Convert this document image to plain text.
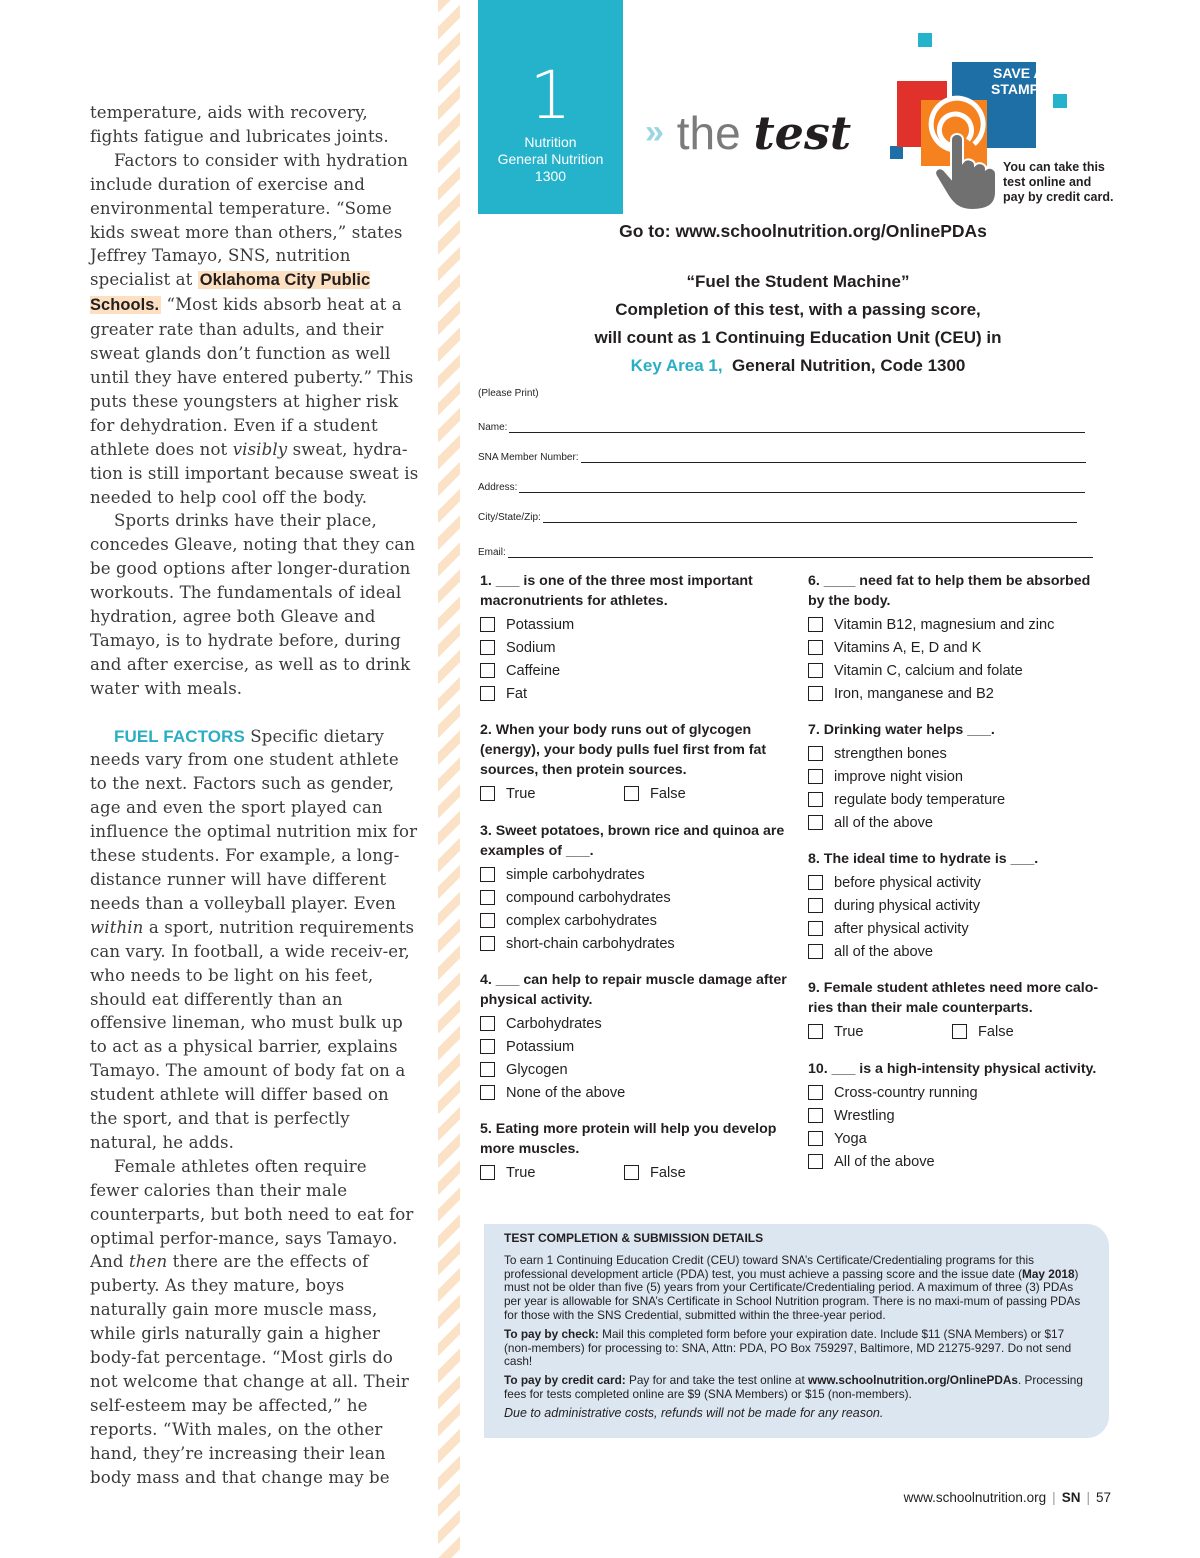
temperature, aids with recovery, fights fatigue and lubricates joints.

Factors to consider with hydration include duration of exercise and environmental temperature. “Some kids sweat more than others,” states Jeffrey Tamayo, SNS, nutrition specialist at Oklahoma City Public Schools. “Most kids absorb heat at a greater rate than adults, and their sweat glands don’t function as well until they have entered puberty.” This puts these youngsters at higher risk for dehydration. Even if a student athlete does not visibly sweat, hydra-tion is still important because sweat is needed to help cool off the body.

Sports drinks have their place, concedes Gleave, noting that they can be good options after longer-duration workouts. The fundamentals of ideal hydration, agree both Gleave and Tamayo, is to hydrate before, during and after exercise, as well as to drink water with meals.

FUEL FACTORS Specific dietary needs vary from one student athlete to the next. Factors such as gender, age and even the sport played can influence the optimal nutrition mix for these students. For example, a long-distance runner will have different needs than a volleyball player. Even within a sport, nutrition requirements can vary. In football, a wide receiv-er, who needs to be light on his feet, should eat differently than an offensive lineman, who must bulk up to act as a physical barrier, explains Tamayo. The amount of body fat on a student athlete will differ based on the sport, and that is perfectly natural, he adds.

Female athletes often require fewer calories than their male counterparts, but both need to eat for optimal perfor-mance, says Tamayo. And then there are the effects of puberty. As they mature, boys naturally gain more muscle mass, while girls naturally gain a higher body-fat percentage. “Most girls do not welcome that change at all. Their self-esteem may be affected,” he reports. “With males, on the other hand, they’re increasing their lean body mass and that change may be

1
Nutrition
General Nutrition
1300
» the test
SAVE A
STAMP!
You can take this
test online and
pay by credit card.
Go to: www.schoolnutrition.org/OnlinePDAs
“Fuel the Student Machine”
Completion of this test, with a passing score,
will count as 1 Continuing Education Unit (CEU) in
Key Area 1, General Nutrition, Code 1300
(Please Print)
Name:
SNA Member Number:
Address:
City/State/Zip:
Email:
1. ___ is one of the three most important macronutrients for athletes.
Potassium
Sodium
Caffeine
Fat
2. When your body runs out of glycogen (energy), your body pulls fuel first from fat sources, then protein sources.
True	False
3. Sweet potatoes, brown rice and quinoa are examples of ___.
simple carbohydrates
compound carbohydrates
complex carbohydrates
short-chain carbohydrates
4. ___ can help to repair muscle damage after physical activity.
Carbohydrates
Potassium
Glycogen
None of the above
5. Eating more protein will help you develop more muscles.
True	False
6. ____ need fat to help them be absorbed by the body.
Vitamin B12, magnesium and zinc
Vitamins A, E, D and K
Vitamin C, calcium and folate
Iron, manganese and B2
7. Drinking water helps ___.
strengthen bones
improve night vision
regulate body temperature
all of the above
8. The ideal time to hydrate is ___.
before physical activity
during physical activity
after physical activity
all of the above
9. Female student athletes need more calo-ries than their male counterparts.
True	False
10. ___ is a high-intensity physical activity.
Cross-country running
Wrestling
Yoga
All of the above
TEST COMPLETION & SUBMISSION DETAILS

To earn 1 Continuing Education Credit (CEU) toward SNA’s Certificate/Credentialing programs for this professional development article (PDA) test, you must achieve a passing score and the issue date (May 2018) must not be older than five (5) years from your Certificate/Credentialing period. A maximum of three (3) PDAs per year is allowable for SNA’s Certificate in School Nutrition program. There is no maxi-mum of passing PDAs for those with the SNS Credential, submitted within the three-year period.

To pay by check: Mail this completed form before your expiration date. Include $11 (SNA Members) or $17 (non-members) for processing to: SNA, Attn: PDA, PO Box 759297, Baltimore, MD 21275-9297. Do not send cash!

To pay by credit card: Pay for and take the test online at www.schoolnutrition.org/OnlinePDAs. Processing fees for tests completed online are $9 (SNA Members) or $15 (non-members).

Due to administrative costs, refunds will not be made for any reason.

www.schoolnutrition.org | SN | 57
